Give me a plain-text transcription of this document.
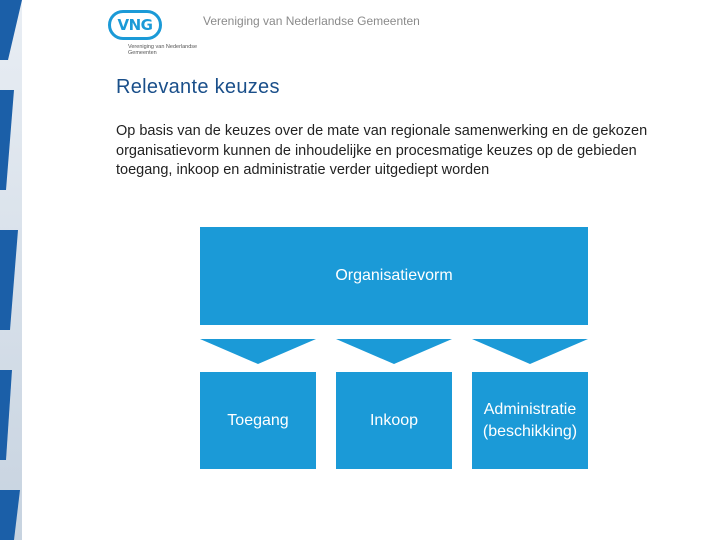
VNG
Vereniging van Nederlandse Gemeenten
Vereniging van Nederlandse Gemeenten
Relevante keuzes
Op basis van de keuzes over de mate van regionale samenwerking en de gekozen organisatievorm kunnen de inhoudelijke en procesmatige keuzes op de gebieden toegang, inkoop en administratie verder uitgediept worden
Organisatievorm
Toegang	Inkoop
Administratie
(beschikking)
